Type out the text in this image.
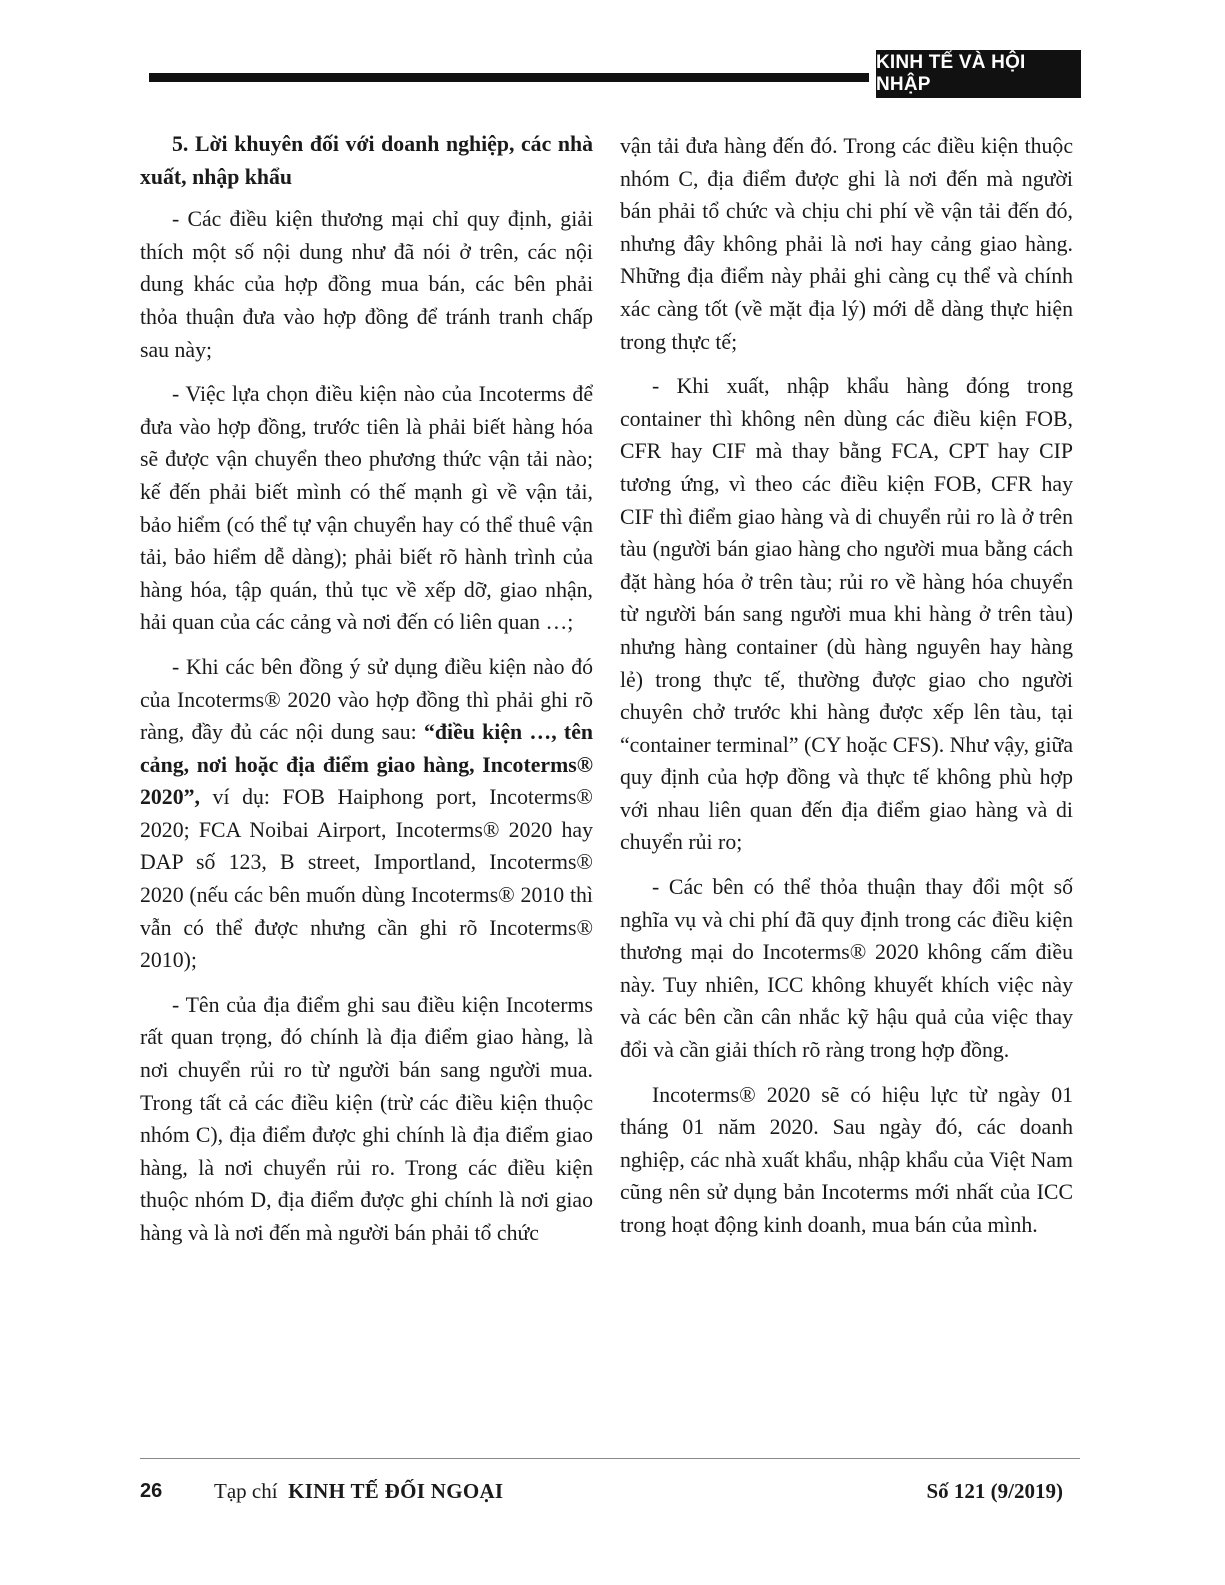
KINH TẾ VÀ HỘI NHẬP
5. Lời khuyên đối với doanh nghiệp, các nhà xuất, nhập khẩu

- Các điều kiện thương mại chỉ quy định, giải thích một số nội dung như đã nói ở trên, các nội dung khác của hợp đồng mua bán, các bên phải thỏa thuận đưa vào hợp đồng để tránh tranh chấp sau này;

- Việc lựa chọn điều kiện nào của Incoterms để đưa vào hợp đồng, trước tiên là phải biết hàng hóa sẽ được vận chuyển theo phương thức vận tải nào; kế đến phải biết mình có thế mạnh gì về vận tải, bảo hiểm (có thể tự vận chuyển hay có thể thuê vận tải, bảo hiểm dễ dàng); phải biết rõ hành trình của hàng hóa, tập quán, thủ tục về xếp dỡ, giao nhận, hải quan của các cảng và nơi đến có liên quan …;

- Khi các bên đồng ý sử dụng điều kiện nào đó của Incoterms® 2020 vào hợp đồng thì phải ghi rõ ràng, đầy đủ các nội dung sau: “điều kiện …, tên cảng, nơi hoặc địa điểm giao hàng, Incoterms® 2020”, ví dụ: FOB Haiphong port, Incoterms® 2020; FCA Noibai Airport, Incoterms® 2020 hay DAP số 123, B street, Importland, Incoterms® 2020 (nếu các bên muốn dùng Incoterms® 2010 thì vẫn có thể được nhưng cần ghi rõ Incoterms® 2010);

- Tên của địa điểm ghi sau điều kiện Incoterms rất quan trọng, đó chính là địa điểm giao hàng, là nơi chuyển rủi ro từ người bán sang người mua. Trong tất cả các điều kiện (trừ các điều kiện thuộc nhóm C), địa điểm được ghi chính là địa điểm giao hàng, là nơi chuyển rủi ro. Trong các điều kiện thuộc nhóm D, địa điểm được ghi chính là nơi giao hàng và là nơi đến mà người bán phải tổ chức

vận tải đưa hàng đến đó. Trong các điều kiện thuộc nhóm C, địa điểm được ghi là nơi đến mà người bán phải tổ chức và chịu chi phí về vận tải đến đó, nhưng đây không phải là nơi hay cảng giao hàng. Những địa điểm này phải ghi càng cụ thể và chính xác càng tốt (về mặt địa lý) mới dễ dàng thực hiện trong thực tế;

- Khi xuất, nhập khẩu hàng đóng trong container thì không nên dùng các điều kiện FOB, CFR hay CIF mà thay bằng FCA, CPT hay CIP tương ứng, vì theo các điều kiện FOB, CFR hay CIF thì điểm giao hàng và di chuyển rủi ro là ở trên tàu (người bán giao hàng cho người mua bằng cách đặt hàng hóa ở trên tàu; rủi ro về hàng hóa chuyển từ người bán sang người mua khi hàng ở trên tàu) nhưng hàng container (dù hàng nguyên hay hàng lẻ) trong thực tế, thường được giao cho người chuyên chở trước khi hàng được xếp lên tàu, tại “container terminal” (CY hoặc CFS). Như vậy, giữa quy định của hợp đồng và thực tế không phù hợp với nhau liên quan đến địa điểm giao hàng và di chuyển rủi ro;

- Các bên có thể thỏa thuận thay đổi một số nghĩa vụ và chi phí đã quy định trong các điều kiện thương mại do Incoterms® 2020 không cấm điều này. Tuy nhiên, ICC không khuyết khích việc này và các bên cần cân nhắc kỹ hậu quả của việc thay đổi và cần giải thích rõ ràng trong hợp đồng.

Incoterms® 2020 sẽ có hiệu lực từ ngày 01 tháng 01 năm 2020. Sau ngày đó, các doanh nghiệp, các nhà xuất khẩu, nhập khẩu của Việt Nam cũng nên sử dụng bản Incoterms mới nhất của ICC trong hoạt động kinh doanh, mua bán của mình.

26 Tạp chí KINH TẾ ĐỐI NGOẠI	Số 121 (9/2019)
